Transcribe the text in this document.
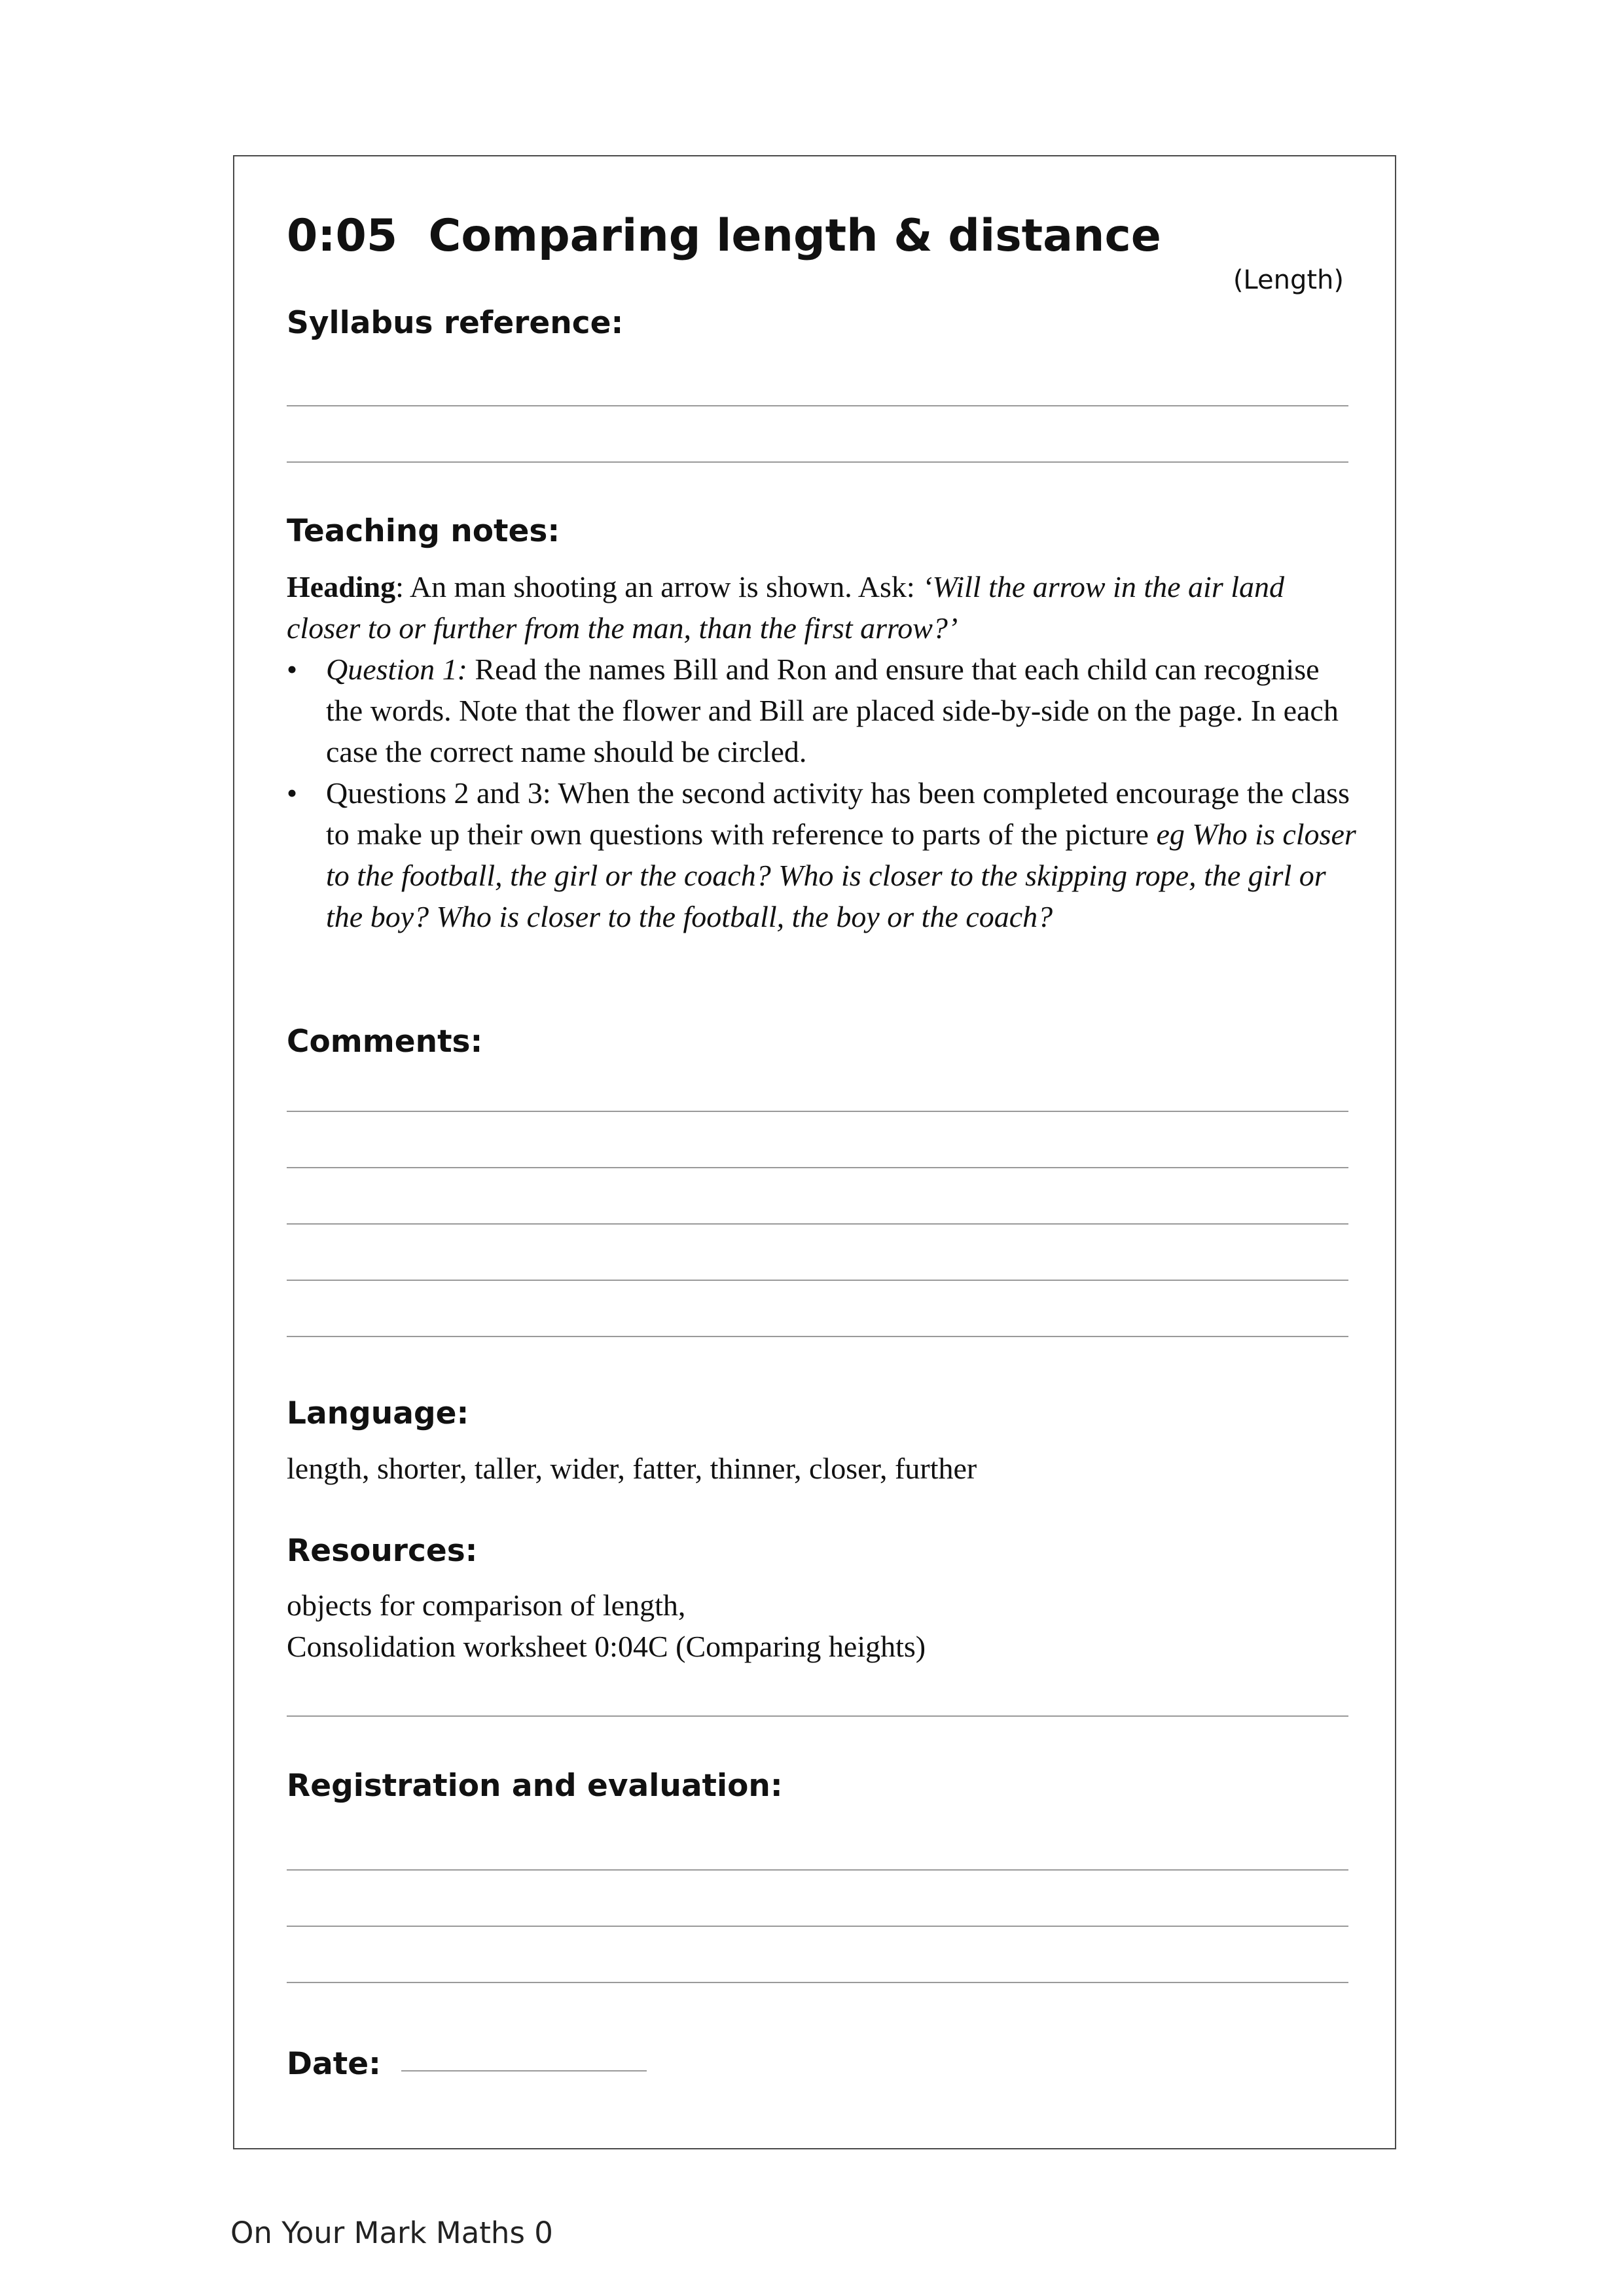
0:05  Comparing length & distance
(Length)
Syllabus reference:
Teaching notes:

Heading: An man shooting an arrow is shown. Ask: ‘Will the arrow in the air land closer to or further from the man, than the first arrow?’

• Question 1: Read the names Bill and Ron and ensure that each child can recognise the words. Note that the flower and Bill are placed side-by-side on the page. In each case the correct name should be circled.
• Questions 2 and 3: When the second activity has been completed encourage the class to make up their own questions with reference to parts of the picture eg Who is closer to the football, the girl or the coach? Who is closer to the skipping rope, the girl or the boy? Who is closer to the football, the boy or the coach?
Comments:
Language:
length, shorter, taller, wider, fatter, thinner, closer, further
Resources:
objects for comparison of length,
Consolidation worksheet 0:04C (Comparing heights)
Registration and evaluation:
Date:
On Your Mark Maths 0
